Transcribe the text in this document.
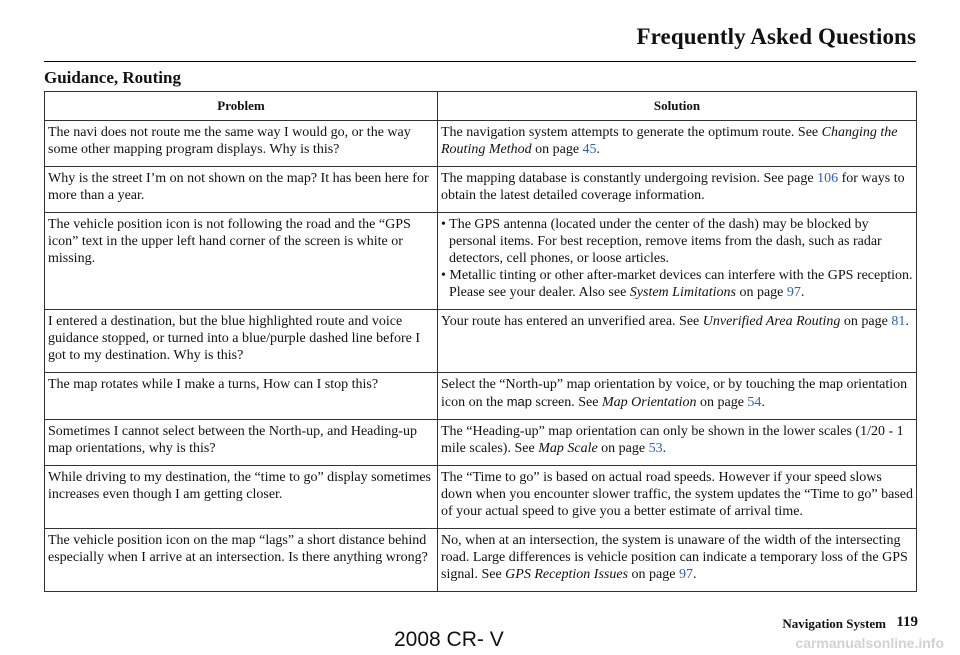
Frequently Asked Questions
Guidance, Routing
Problem	Solution
The navi does not route me the same way I would go, or the way some other mapping program displays. Why is this?	The navigation system attempts to generate the optimum route. See Changing the Routing Method on page 45.
Why is the street I’m on not shown on the map? It has been here for more than a year.	The mapping database is constantly undergoing revision. See page 106 for ways to obtain the latest detailed coverage information.
The vehicle position icon is not following the road and the “GPS icon” text in the upper left hand corner of the screen is white or missing.	• The GPS antenna (located under the center of the dash) may be blocked by personal items. For best reception, remove items from the dash, such as radar detectors, cell phones, or loose articles.
• Metallic tinting or other after-market devices can interfere with the GPS reception. Please see your dealer. Also see System Limitations on page 97.

I entered a destination, but the blue highlighted route and voice guidance stopped, or turned into a blue/purple dashed line before I got to my destination. Why is this?	Your route has entered an unverified area. See Unverified Area Routing on page 81.
The map rotates while I make a turns, How can I stop this?	Select the “North-up” map orientation by voice, or by touching the map orientation icon on the map screen. See Map Orientation on page 54.
Sometimes I cannot select between the North-up, and Heading-up map orientations, why is this?	The “Heading-up” map orientation can only be shown in the lower scales (1/20 - 1 mile scales). See Map Scale on page 53.
While driving to my destination, the “time to go” display sometimes increases even though I am getting closer.	The “Time to go” is based on actual road speeds. However if your speed slows down when you encounter slower traffic, the system updates the “Time to go” based of your actual speed to give you a better estimate of arrival time.
The vehicle position icon on the map “lags” a short distance behind especially when I arrive at an intersection. Is there anything wrong?	No, when at an intersection, the system is unaware of the width of the intersecting road. Large differences is vehicle position can indicate a temporary loss of the GPS signal. See GPS Reception Issues on page 97.
Navigation System 119
2008 CR- V	carmanualsonline.info
